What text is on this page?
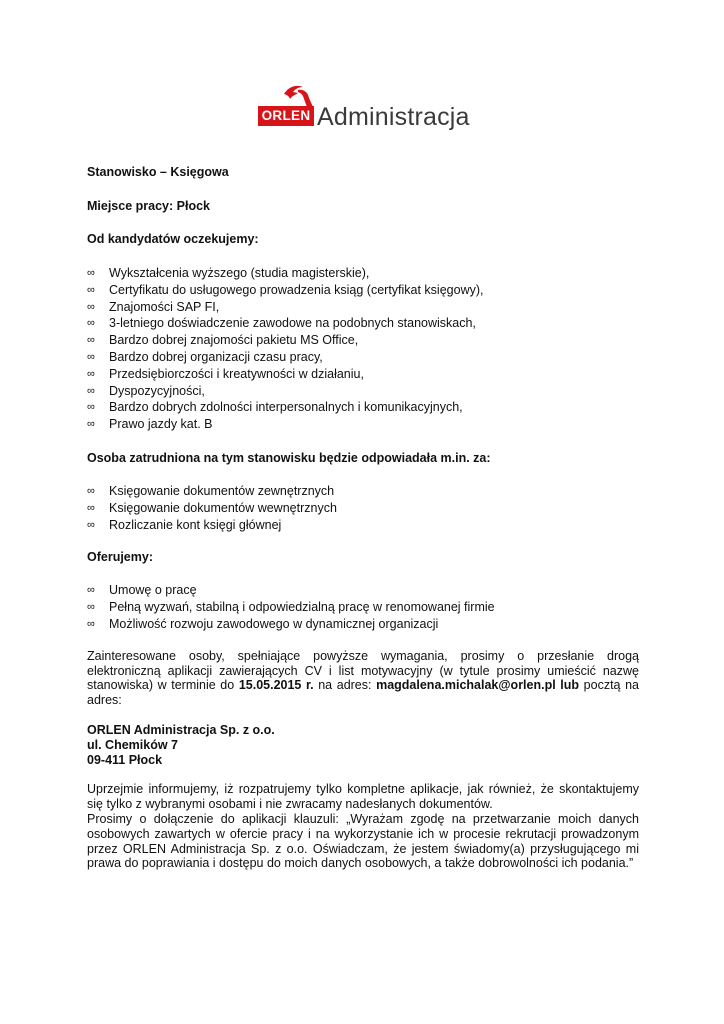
ORLEN Administracja

Stanowisko – Księgowa

Miejsce pracy: Płock

Od kandydatów oczekujemy:

∞ Wykształcenia wyższego (studia magisterskie),
∞ Certyfikatu do usługowego prowadzenia ksiąg (certyfikat księgowy),
∞ Znajomości SAP FI,
∞ 3-letniego doświadczenie zawodowe na podobnych stanowiskach,
∞ Bardzo dobrej znajomości pakietu MS Office,
∞ Bardzo dobrej organizacji czasu pracy,
∞ Przedsiębiorczości i kreatywności w działaniu,
∞ Dyspozycyjności,
∞ Bardzo dobrych zdolności interpersonalnych i komunikacyjnych,
∞ Prawo jazdy kat. B

Osoba zatrudniona na tym stanowisku będzie odpowiadała m.in. za:

∞ Księgowanie dokumentów zewnętrznych
∞ Księgowanie dokumentów wewnętrznych
∞ Rozliczanie kont księgi głównej

Oferujemy:

∞ Umowę o pracę
∞ Pełną wyzwań, stabilną i odpowiedzialną pracę w renomowanej firmie
∞ Możliwość rozwoju zawodowego w dynamicznej organizacji

Zainteresowane osoby, spełniające powyższe wymagania, prosimy o przesłanie drogą elektroniczną aplikacji zawierających CV i list motywacyjny (w tytule prosimy umieścić nazwę stanowiska) w terminie do 15.05.2015 r. na adres: magdalena.michalak@orlen.pl lub pocztą na adres:

ORLEN Administracja Sp. z o.o.

ul. Chemików 7

09-411 Płock

Uprzejmie informujemy, iż rozpatrujemy tylko kompletne aplikacje, jak również, że skontaktujemy się tylko z wybranymi osobami i nie zwracamy nadesłanych dokumentów.

Prosimy o dołączenie do aplikacji klauzuli: „Wyrażam zgodę na przetwarzanie moich danych osobowych zawartych w ofercie pracy i na wykorzystanie ich w procesie rekrutacji prowadzonym przez ORLEN Administracja Sp. z o.o. Oświadczam, że jestem świadomy(a) przysługującego mi prawa do poprawiania i dostępu do moich danych osobowych, a także dobrowolności ich podania.”
